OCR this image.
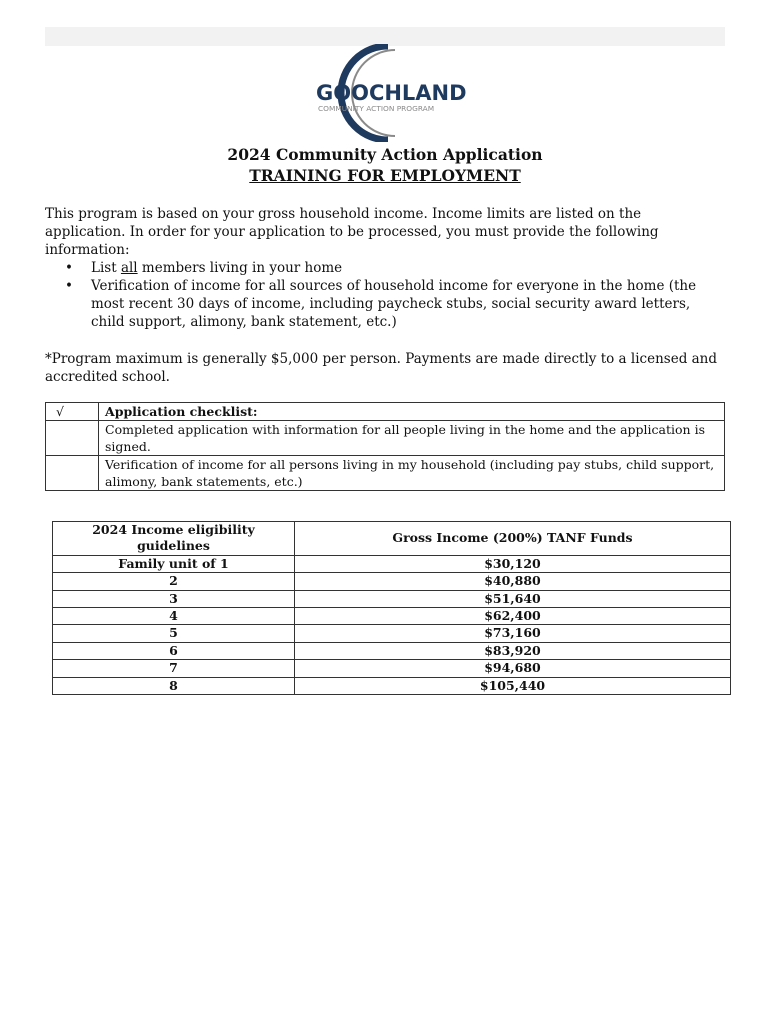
GOOCHLAND
COMMUNITY ACTION PROGRAM
2024 Community Action Application
TRAINING FOR EMPLOYMENT
This program is based on your gross household income. Income limits are listed on the application. In order for your application to be processed, you must provide the following information:
• List all members living in your home
• Verification of income for all sources of household income for everyone in the home (the most recent 30 days of income, including paycheck stubs, social security award letters, child support, alimony, bank statement, etc.)
*Program maximum is generally $5,000 per person. Payments are made directly to a licensed and accredited school.
√	Application checklist:
	Completed application with information for all people living in the home and the application is signed.
	Verification of income for all persons living in my household (including pay stubs, child support, alimony, bank statements, etc.)
2024 Income eligibility guidelines	Gross Income (200%) TANF Funds
Family unit of 1	$30,120
2	$40,880
3	$51,640
4	$62,400
5	$73,160
6	$83,920
7	$94,680
8	$105,440
